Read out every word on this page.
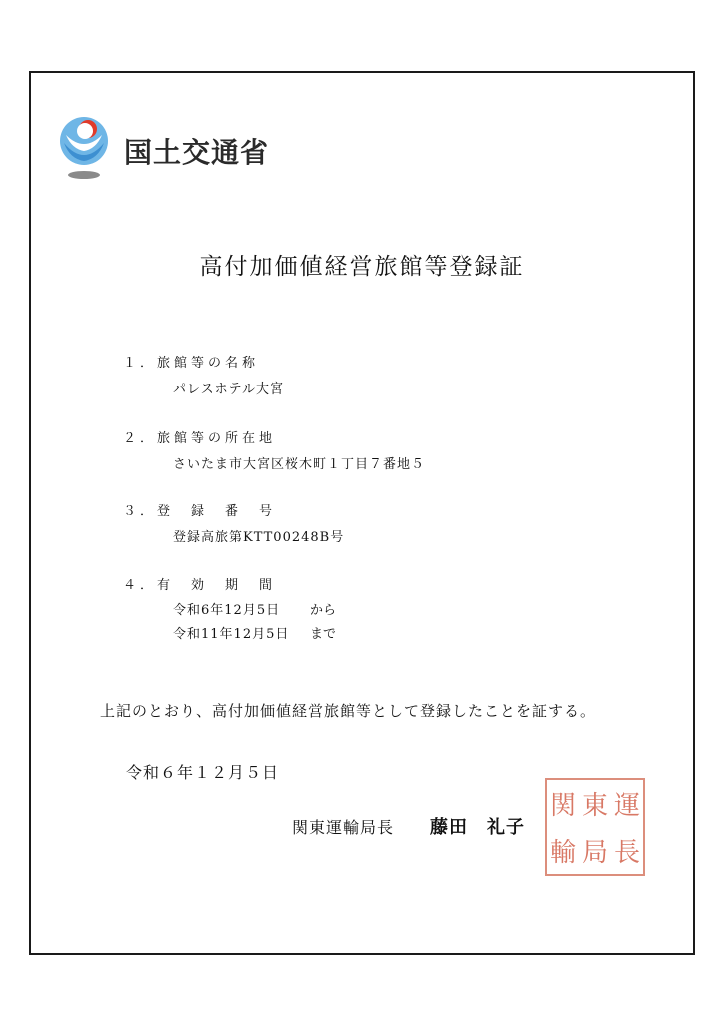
国土交通省
高付加価値経営旅館等登録証
１．旅館等の名称
パレスホテル大宮
２．旅館等の所在地
さいたま市大宮区桜木町１丁目７番地５
３．登　録　番　号
登録高旅第KTT00248B号
４．有　効　期　間
令和6年12月5日 から
令和11年12月5日 まで
上記のとおり、高付加価値経営旅館等として登録したことを証する。
令和６年１２月５日
関東運輸局長 藤田　礼子
運
東
関
長
局
輸
